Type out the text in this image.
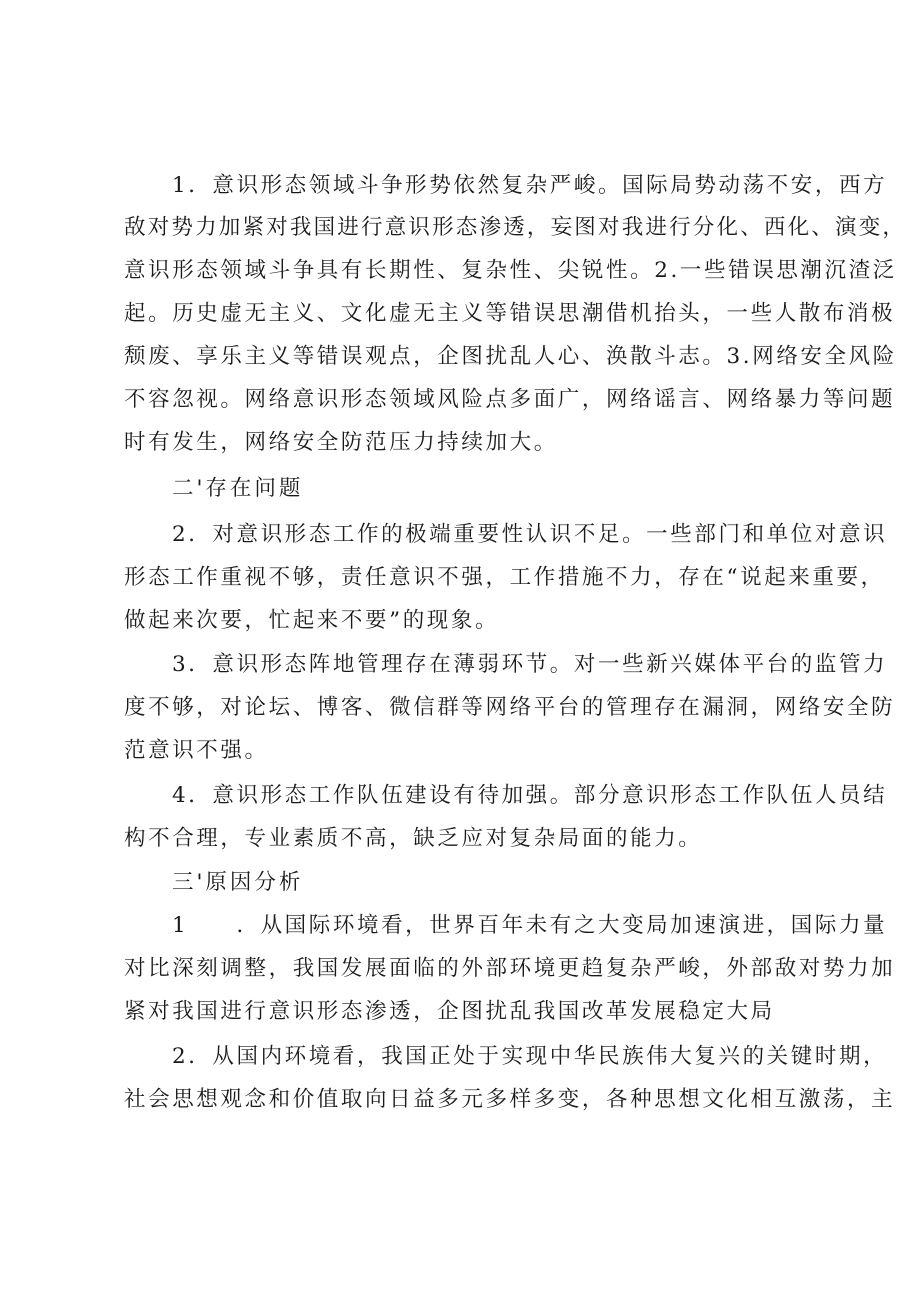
1．意识形态领域斗争形势依然复杂严峻。国际局势动荡不安，西方
敌对势力加紧对我国进行意识形态渗透，妄图对我进行分化、西化、演变，
意识形态领域斗争具有长期性、复杂性、尖锐性。2.一些错误思潮沉渣泛
起。历史虚无主义、文化虚无主义等错误思潮借机抬头，一些人散布消极
颓废、享乐主义等错误观点，企图扰乱人心、涣散斗志。3.网络安全风险
不容忽视。网络意识形态领域风险点多面广，网络谣言、网络暴力等问题
时有发生，网络安全防范压力持续加大。
二'存在问题
2．对意识形态工作的极端重要性认识不足。一些部门和单位对意识
形态工作重视不够，责任意识不强，工作措施不力，存在“说起来重要，
做起来次要，忙起来不要”的现象。
3．意识形态阵地管理存在薄弱环节。对一些新兴媒体平台的监管力
度不够，对论坛、博客、微信群等网络平台的管理存在漏洞，网络安全防
范意识不强。
4．意识形态工作队伍建设有待加强。部分意识形态工作队伍人员结
构不合理，专业素质不高，缺乏应对复杂局面的能力。
三'原因分析
1　　．从国际环境看，世界百年未有之大变局加速演进，国际力量
对比深刻调整，我国发展面临的外部环境更趋复杂严峻，外部敌对势力加
紧对我国进行意识形态渗透，企图扰乱我国改革发展稳定大局
2．从国内环境看，我国正处于实现中华民族伟大复兴的关键时期，
社会思想观念和价值取向日益多元多样多变，各种思想文化相互激荡，主
